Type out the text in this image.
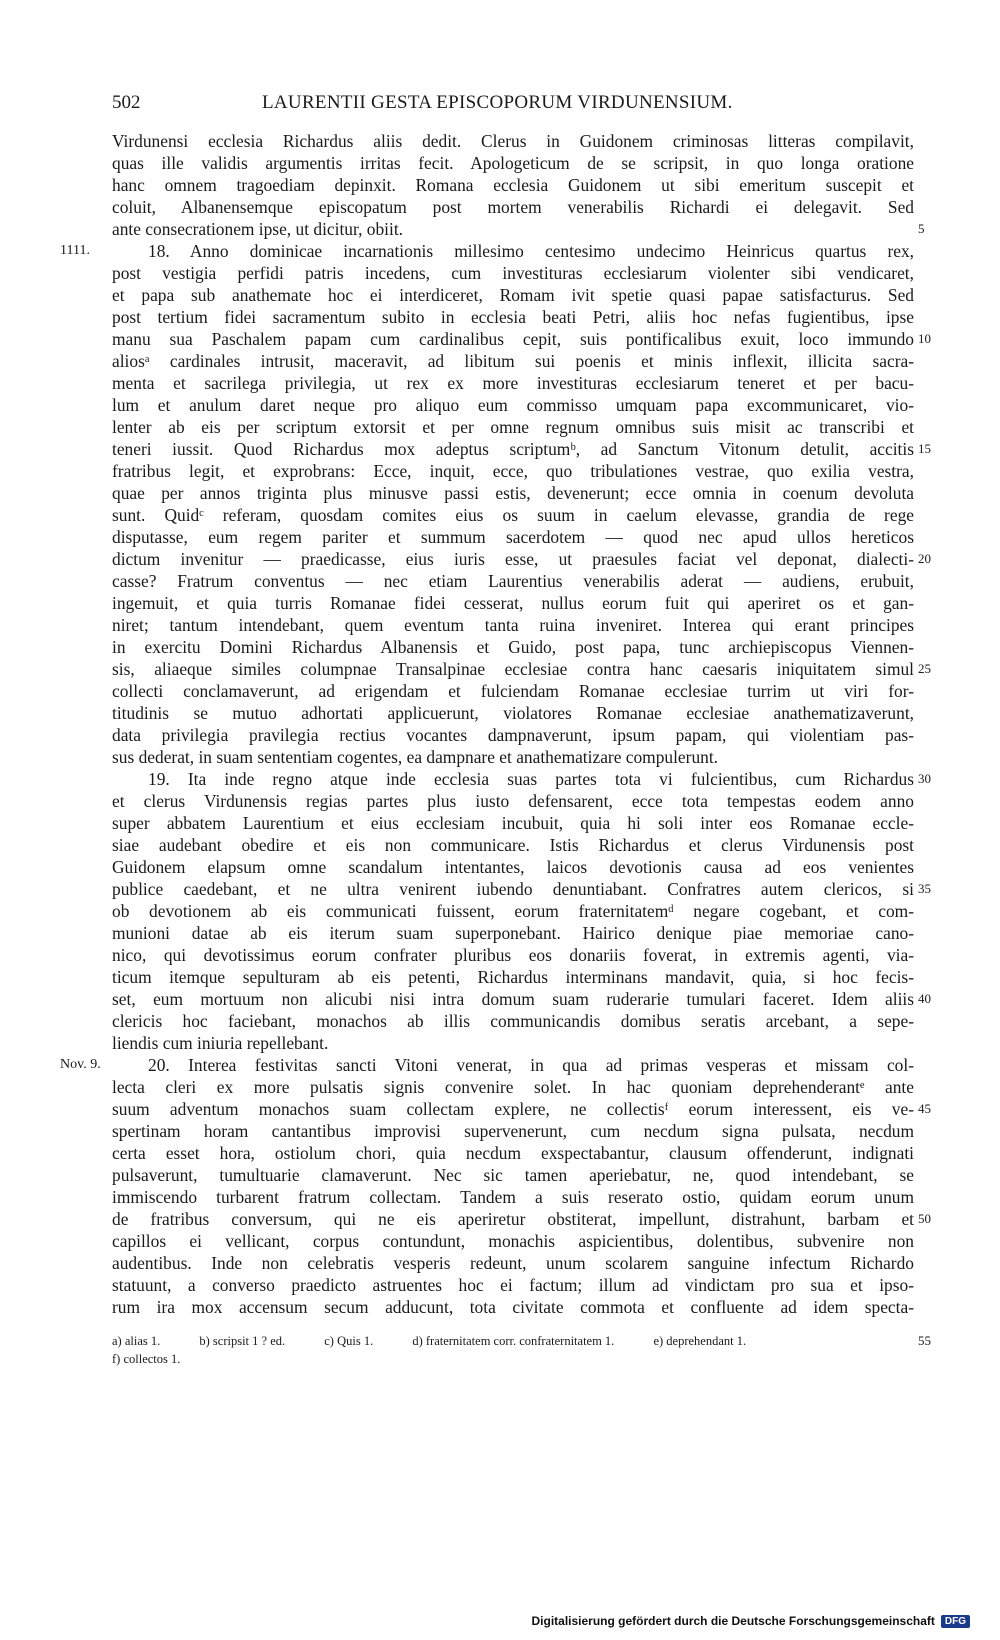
502	LAURENTII GESTA EPISCOPORUM VIRDUNENSIUM.
Virdunensi ecclesia Richardus aliis dedit. Clerus in Guidonem criminosas litteras compilavit,
quas ille validis argumentis irritas fecit. Apologeticum de se scripsit, in quo longa oratione
hanc omnem tragoediam depinxit. Romana ecclesia Guidonem ut sibi emeritum suscepit et
coluit, Albanensemque episcopatum post mortem venerabilis Richardi ei delegavit. Sed
ante consecrationem ipse, ut dicitur, obiit.	5
18. Anno dominicae incarnationis millesimo centesimo undecimo Heinricus quartus rex,
1111.
post vestigia perfidi patris incedens, cum investituras ecclesiarum violenter sibi vendicaret,
et papa sub anathemate hoc ei interdiceret, Romam ivit spetie quasi papae satisfacturus. Sed
post tertium fidei sacramentum subito in ecclesia beati Petri, aliis hoc nefas fugientibus, ipse
manu sua Paschalem papam cum cardinalibus cepit, suis pontificalibus exuit, loco immundo 10
aliosᵃ cardinales intrusit, maceravit, ad libitum sui poenis et minis inflexit, illicita sacra-
menta et sacrilega privilegia, ut rex ex more investituras ecclesiarum teneret et per bacu-
lum et anulum daret neque pro aliquo eum commisso umquam papa excommunicaret, vio-
lenter ab eis per scriptum extorsit et per omne regnum omnibus suis misit ac transcribi et
teneri iussit. Quod Richardus mox adeptus scriptumᵇ, ad Sanctum Vitonum detulit, accitis 15
fratribus legit, et exprobrans: Ecce, inquit, ecce, quo tribulationes vestrae, quo exilia vestra,
quae per annos triginta plus minusve passi estis, devenerunt; ecce omnia in coenum devoluta
sunt. Quidᶜ referam, quosdam comites eius os suum in caelum elevasse, grandia de rege
disputasse, eum regem pariter et summum sacerdotem — quod nec apud ullos hereticos
dictum invenitur — praedicasse, eius iuris esse, ut praesules faciat vel deponat, dialecti- 20
casse? Fratrum conventus — nec etiam Laurentius venerabilis aderat — audiens, erubuit,
ingemuit, et quia turris Romanae fidei cesserat, nullus eorum fuit qui aperiret os et gan-
niret; tantum intendebant, quem eventum tanta ruina inveniret. Interea qui erant principes
in exercitu Domini Richardus Albanensis et Guido, post papa, tunc archiepiscopus Viennen-
sis, aliaeque similes columpnae Transalpinae ecclesiae contra hanc caesaris iniquitatem simul 25
collecti conclamaverunt, ad erigendam et fulciendam Romanae ecclesiae turrim ut viri for-
titudinis se mutuo adhortati applicuerunt, violatores Romanae ecclesiae anathematizaverunt,
data privilegia pravilegia rectius vocantes dampnaverunt, ipsum papam, qui violentiam pas-
sus dederat, in suam sententiam cogentes, ea dampnare et anathematizare compulerunt.
19. Ita inde regno atque inde ecclesia suas partes tota vi fulcientibus, cum Richardus 30
et clerus Virdunensis regias partes plus iusto defensarent, ecce tota tempestas eodem anno
super abbatem Laurentium et eius ecclesiam incubuit, quia hi soli inter eos Romanae eccle-
siae audebant obedire et eis non communicare. Istis Richardus et clerus Virdunensis post
Guidonem elapsum omne scandalum intentantes, laicos devotionis causa ad eos venientes
publice caedebant, et ne ultra venirent iubendo denuntiabant. Confratres autem clericos, si 35
ob devotionem ab eis communicati fuissent, eorum fraternitatemᵈ negare cogebant, et com-
munioni datae ab eis iterum suam superponebant. Hairico denique piae memoriae cano-
nico, qui devotissimus eorum confrater pluribus eos donariis foverat, in extremis agenti, via-
ticum itemque sepulturam ab eis petenti, Richardus interminans mandavit, quia, si hoc fecis-
set, eum mortuum non alicubi nisi intra domum suam ruderarie tumulari faceret. Idem aliis 40
clericis hoc faciebant, monachos ab illis communicandis domibus seratis arcebant, a sepe-
liendis cum iniuria repellebant.
20. Interea festivitas sancti Vitoni venerat, in qua ad primas vesperas et missam col-
Nov. 9.
lecta cleri ex more pulsatis signis convenire solet. In hac quoniam deprehenderantᵉ ante
suum adventum monachos suam collectam explere, ne collectisᶠ eorum interessent, eis ve- 45
spertinam horam cantantibus improvisi supervenerunt, cum necdum signa pulsata, necdum
certa esset hora, ostiolum chori, quia necdum exspectabantur, clausum offenderunt, indignati
pulsaverunt, tumultuarie clamaverunt. Nec sic tamen aperiebatur, ne, quod intendebant, se
immiscendo turbarent fratrum collectam. Tandem a suis reserato ostio, quidam eorum unum
de fratribus conversum, qui ne eis aperiretur obstiterat, impellunt, distrahunt, barbam et 50
capillos ei vellicant, corpus contundunt, monachis aspicientibus, dolentibus, subvenire non
audentibus. Inde non celebratis vesperis redeunt, unum scolarem sanguine infectum Richardo
statuunt, a converso praedicto astruentes hoc ei factum; illum ad vindictam pro sua et ipso-
rum ira mox accensum secum adducunt, tota civitate commota et confluente ad idem specta-
a) alias 1.	b) scripsit 1 ? ed.	c) Quis 1.	d) fraternitatem corr. confraternitatem 1.	e) deprehendant 1.	55
f) collectos 1.
Digitalisierung gefördert durch die Deutsche Forschungsgemeinschaft	DFG
